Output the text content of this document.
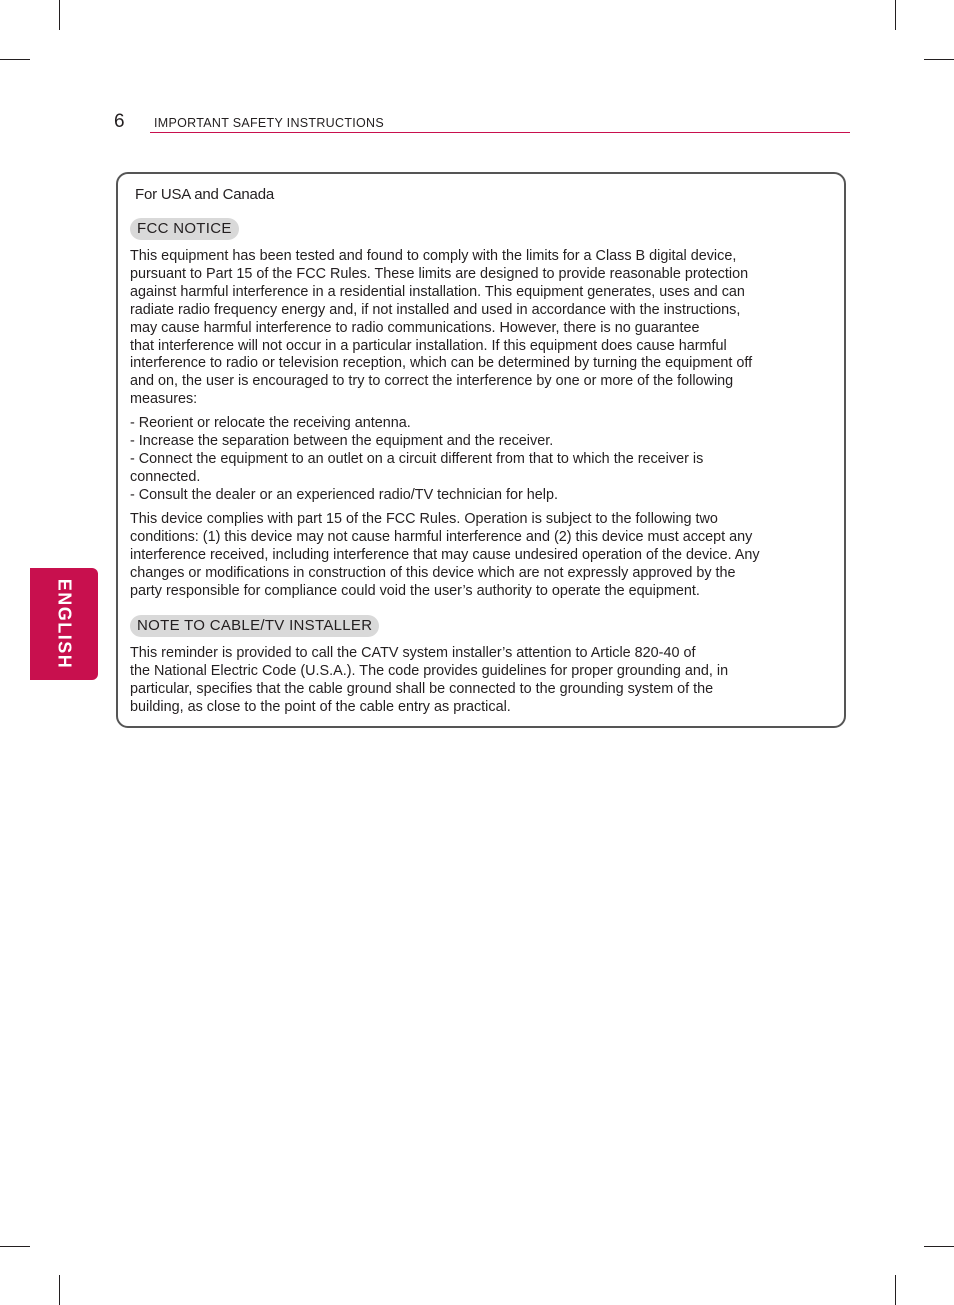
6 IMPORTANT SAFETY INSTRUCTIONS
ENGLISH
For USA and Canada
FCC NOTICE
This equipment has been tested and found to comply with the limits for a Class B digital device,
pursuant to Part 15 of the FCC Rules. These limits are designed to provide reasonable protection
against harmful interference in a residential installation. This equipment generates, uses and can
radiate radio frequency energy and, if not installed and used in accordance with the instructions,
may cause harmful interference to radio communications. However, there is no guarantee
that interference will not occur in a particular installation. If this equipment does cause harmful
interference to radio or television reception, which can be determined by turning the equipment off
and on, the user is encouraged to try to correct the interference by one or more of the following
measures:
- Reorient or relocate the receiving antenna.
- Increase the separation between the equipment and the receiver.
- Connect the equipment to an outlet on a circuit different from that to which the receiver is
connected.
- Consult the dealer or an experienced radio/TV technician for help.
This device complies with part 15 of the FCC Rules. Operation is subject to the following two
conditions: (1) this device may not cause harmful interference and (2) this device must accept any
interference received, including interference that may cause undesired operation of the device. Any
changes or modifications in construction of this device which are not expressly approved by the
party responsible for compliance could void the user’s authority to operate the equipment.
NOTE TO CABLE/TV INSTALLER
This reminder is provided to call the CATV system installer’s attention to Article 820-40 of
the National Electric Code (U.S.A.). The code provides guidelines for proper grounding and, in
particular, specifies that the cable ground shall be connected to the grounding system of the
building, as close to the point of the cable entry as practical.
